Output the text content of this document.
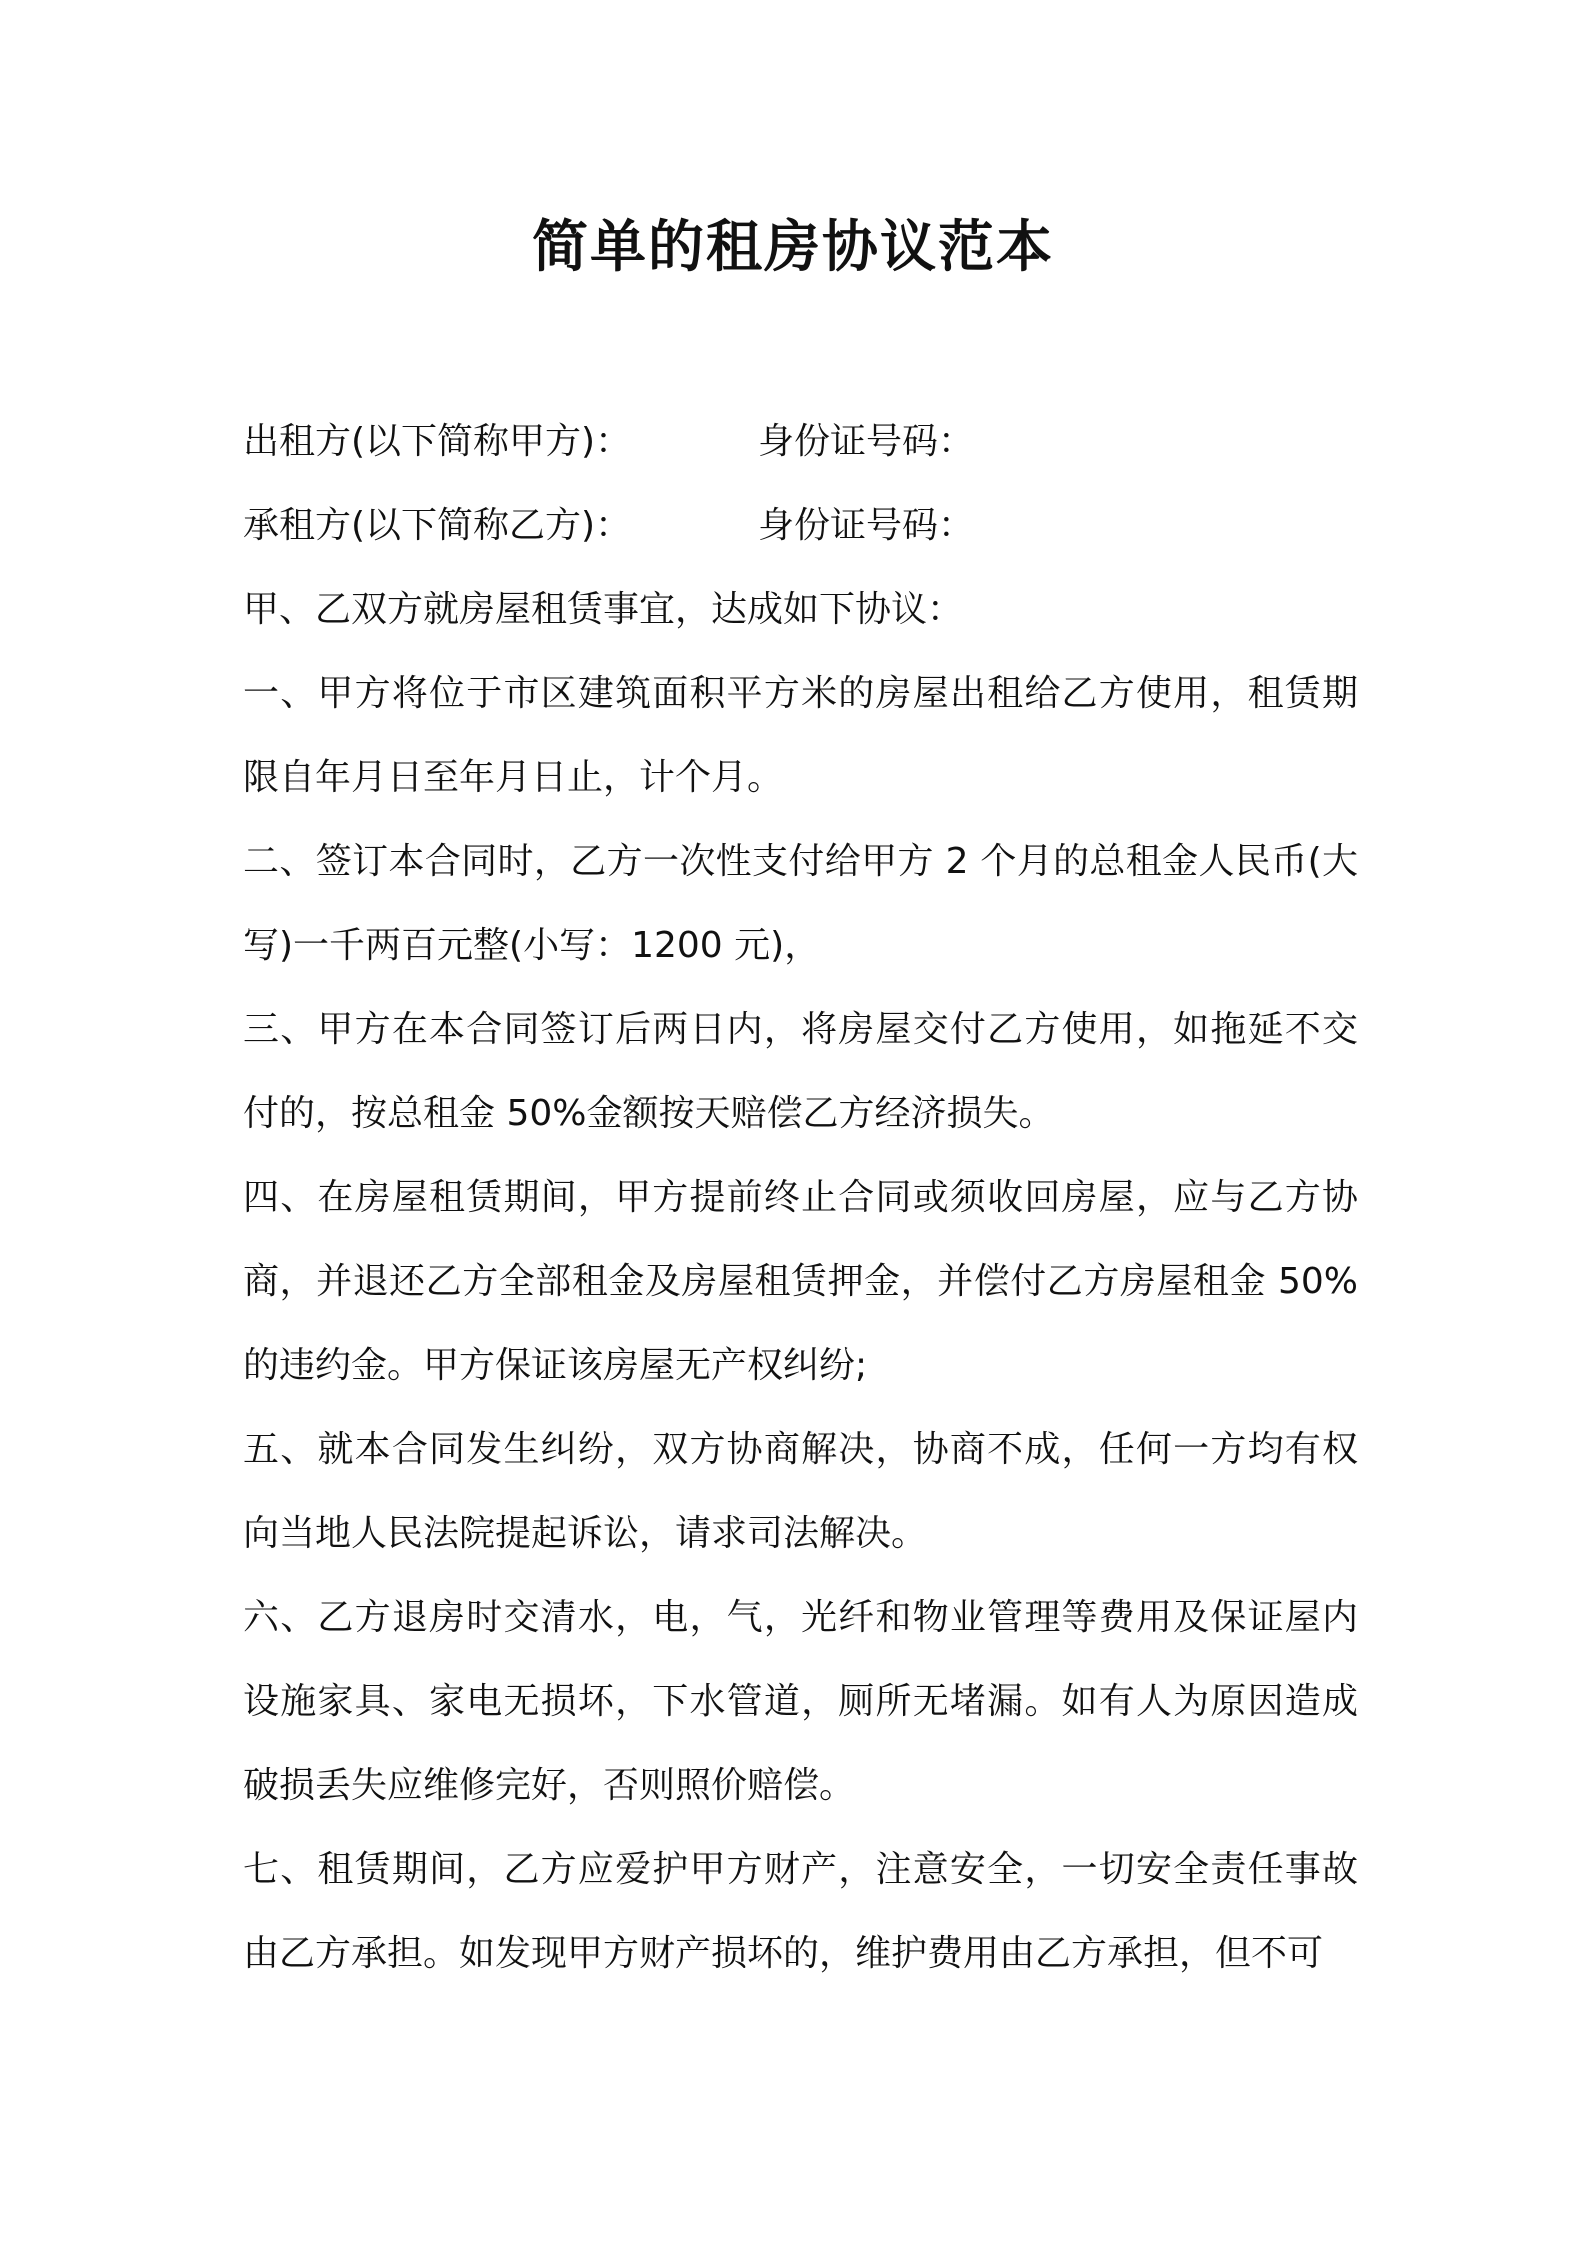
简单的租房协议范本
出租方(以下简称甲方)：	身份证号码：
承租方(以下简称乙方)：	身份证号码：
甲、乙双方就房屋租赁事宜，达成如下协议：

一、甲方将位于市区建筑面积平方米的房屋出租给乙方使用，租赁期限自年月日至年月日止，计个月。

二、签订本合同时，乙方一次性支付给甲方 2 个月的总租金人民币(大写)一千两百元整(小写：1200 元)，

三、甲方在本合同签订后两日内，将房屋交付乙方使用，如拖延不交付的，按总租金 50%金额按天赔偿乙方经济损失。

四、在房屋租赁期间，甲方提前终止合同或须收回房屋，应与乙方协商，并退还乙方全部租金及房屋租赁押金，并偿付乙方房屋租金 50%的违约金。甲方保证该房屋无产权纠纷;

五、就本合同发生纠纷，双方协商解决，协商不成，任何一方均有权向当地人民法院提起诉讼，请求司法解决。

六、乙方退房时交清水，电，气，光纤和物业管理等费用及保证屋内设施家具、家电无损坏，下水管道，厕所无堵漏。如有人为原因造成破损丢失应维修完好，否则照价赔偿。

七、租赁期间，乙方应爱护甲方财产，注意安全，一切安全责任事故由乙方承担。如发现甲方财产损坏的，维护费用由乙方承担，但不可
